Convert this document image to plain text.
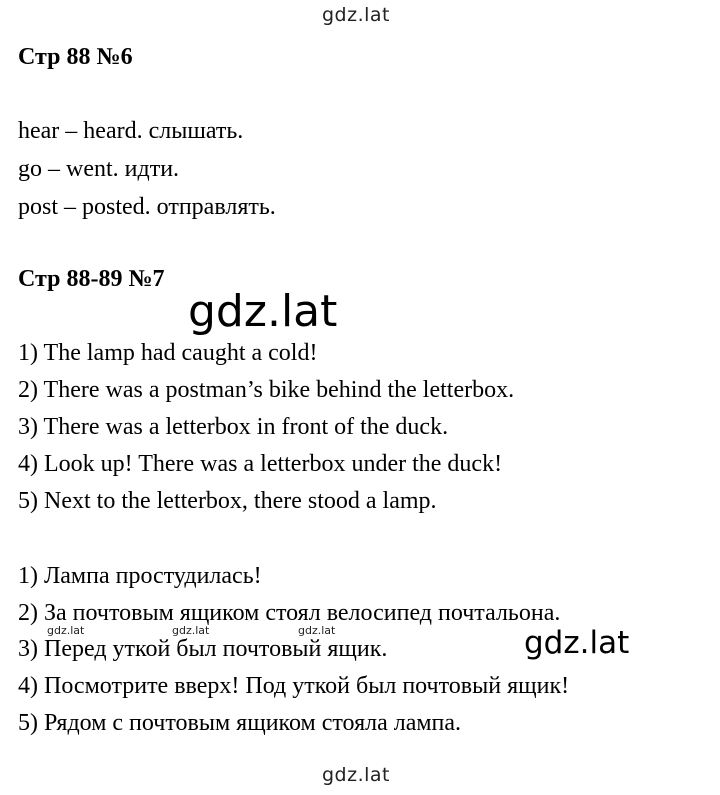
gdz.lat
Стр 88 №6
hear – heard. слышать.
go – went. идти.
post – posted. отправлять.
Стр 88-89 №7
gdz.lat
1) The lamp had caught a cold!
2) There was a postman’s bike behind the letterbox.
3) There was a letterbox in front of the duck.
4) Look up! There was a letterbox under the duck!
5) Next to the letterbox, there stood a lamp.
1) Лампа простудилась!
2) За почтовым ящиком стоял велосипед почтальона.
gdz.lat	gdz.lat	gdz.lat
3) Перед уткой был почтовый ящик.	gdz.lat
4) Посмотрите вверх! Под уткой был почтовый ящик!
5) Рядом с почтовым ящиком стояла лампа.
gdz.lat
